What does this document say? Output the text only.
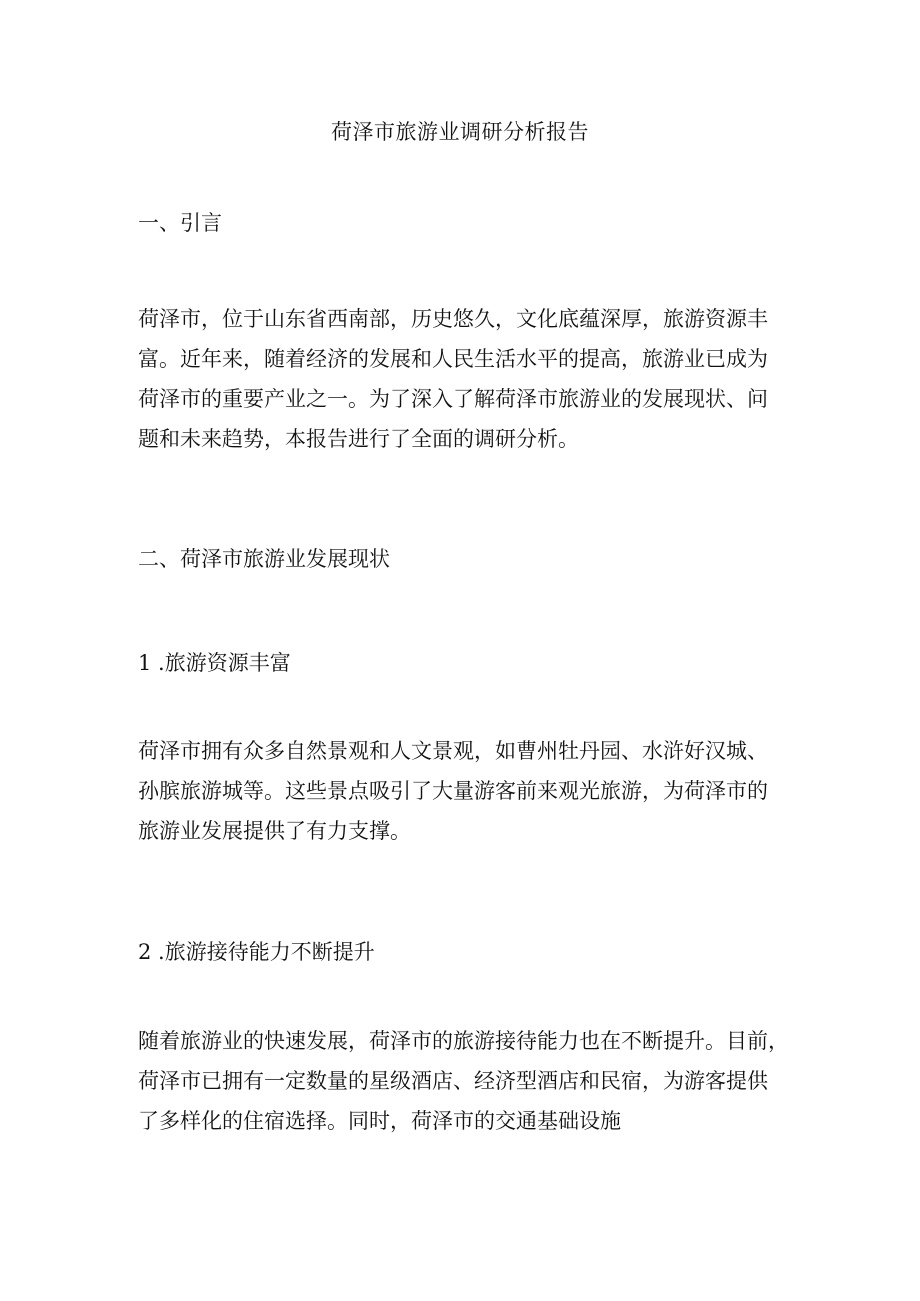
荷泽市旅游业调研分析报告
一、引言
荷泽市，位于山东省西南部，历史悠久，文化底蕴深厚，旅游资源丰
富。近年来，随着经济的发展和人民生活水平的提高，旅游业已成为
荷泽市的重要产业之一。为了深入了解荷泽市旅游业的发展现状、问
题和未来趋势，本报告进行了全面的调研分析。
二、荷泽市旅游业发展现状
1 .旅游资源丰富
荷泽市拥有众多自然景观和人文景观，如曹州牡丹园、水浒好汉城、
孙膑旅游城等。这些景点吸引了大量游客前来观光旅游，为荷泽市的
旅游业发展提供了有力支撑。
2 .旅游接待能力不断提升
随着旅游业的快速发展，荷泽市的旅游接待能力也在不断提升。目前，
荷泽市已拥有一定数量的星级酒店、经济型酒店和民宿，为游客提供
了多样化的住宿选择。同时，荷泽市的交通基础设施
